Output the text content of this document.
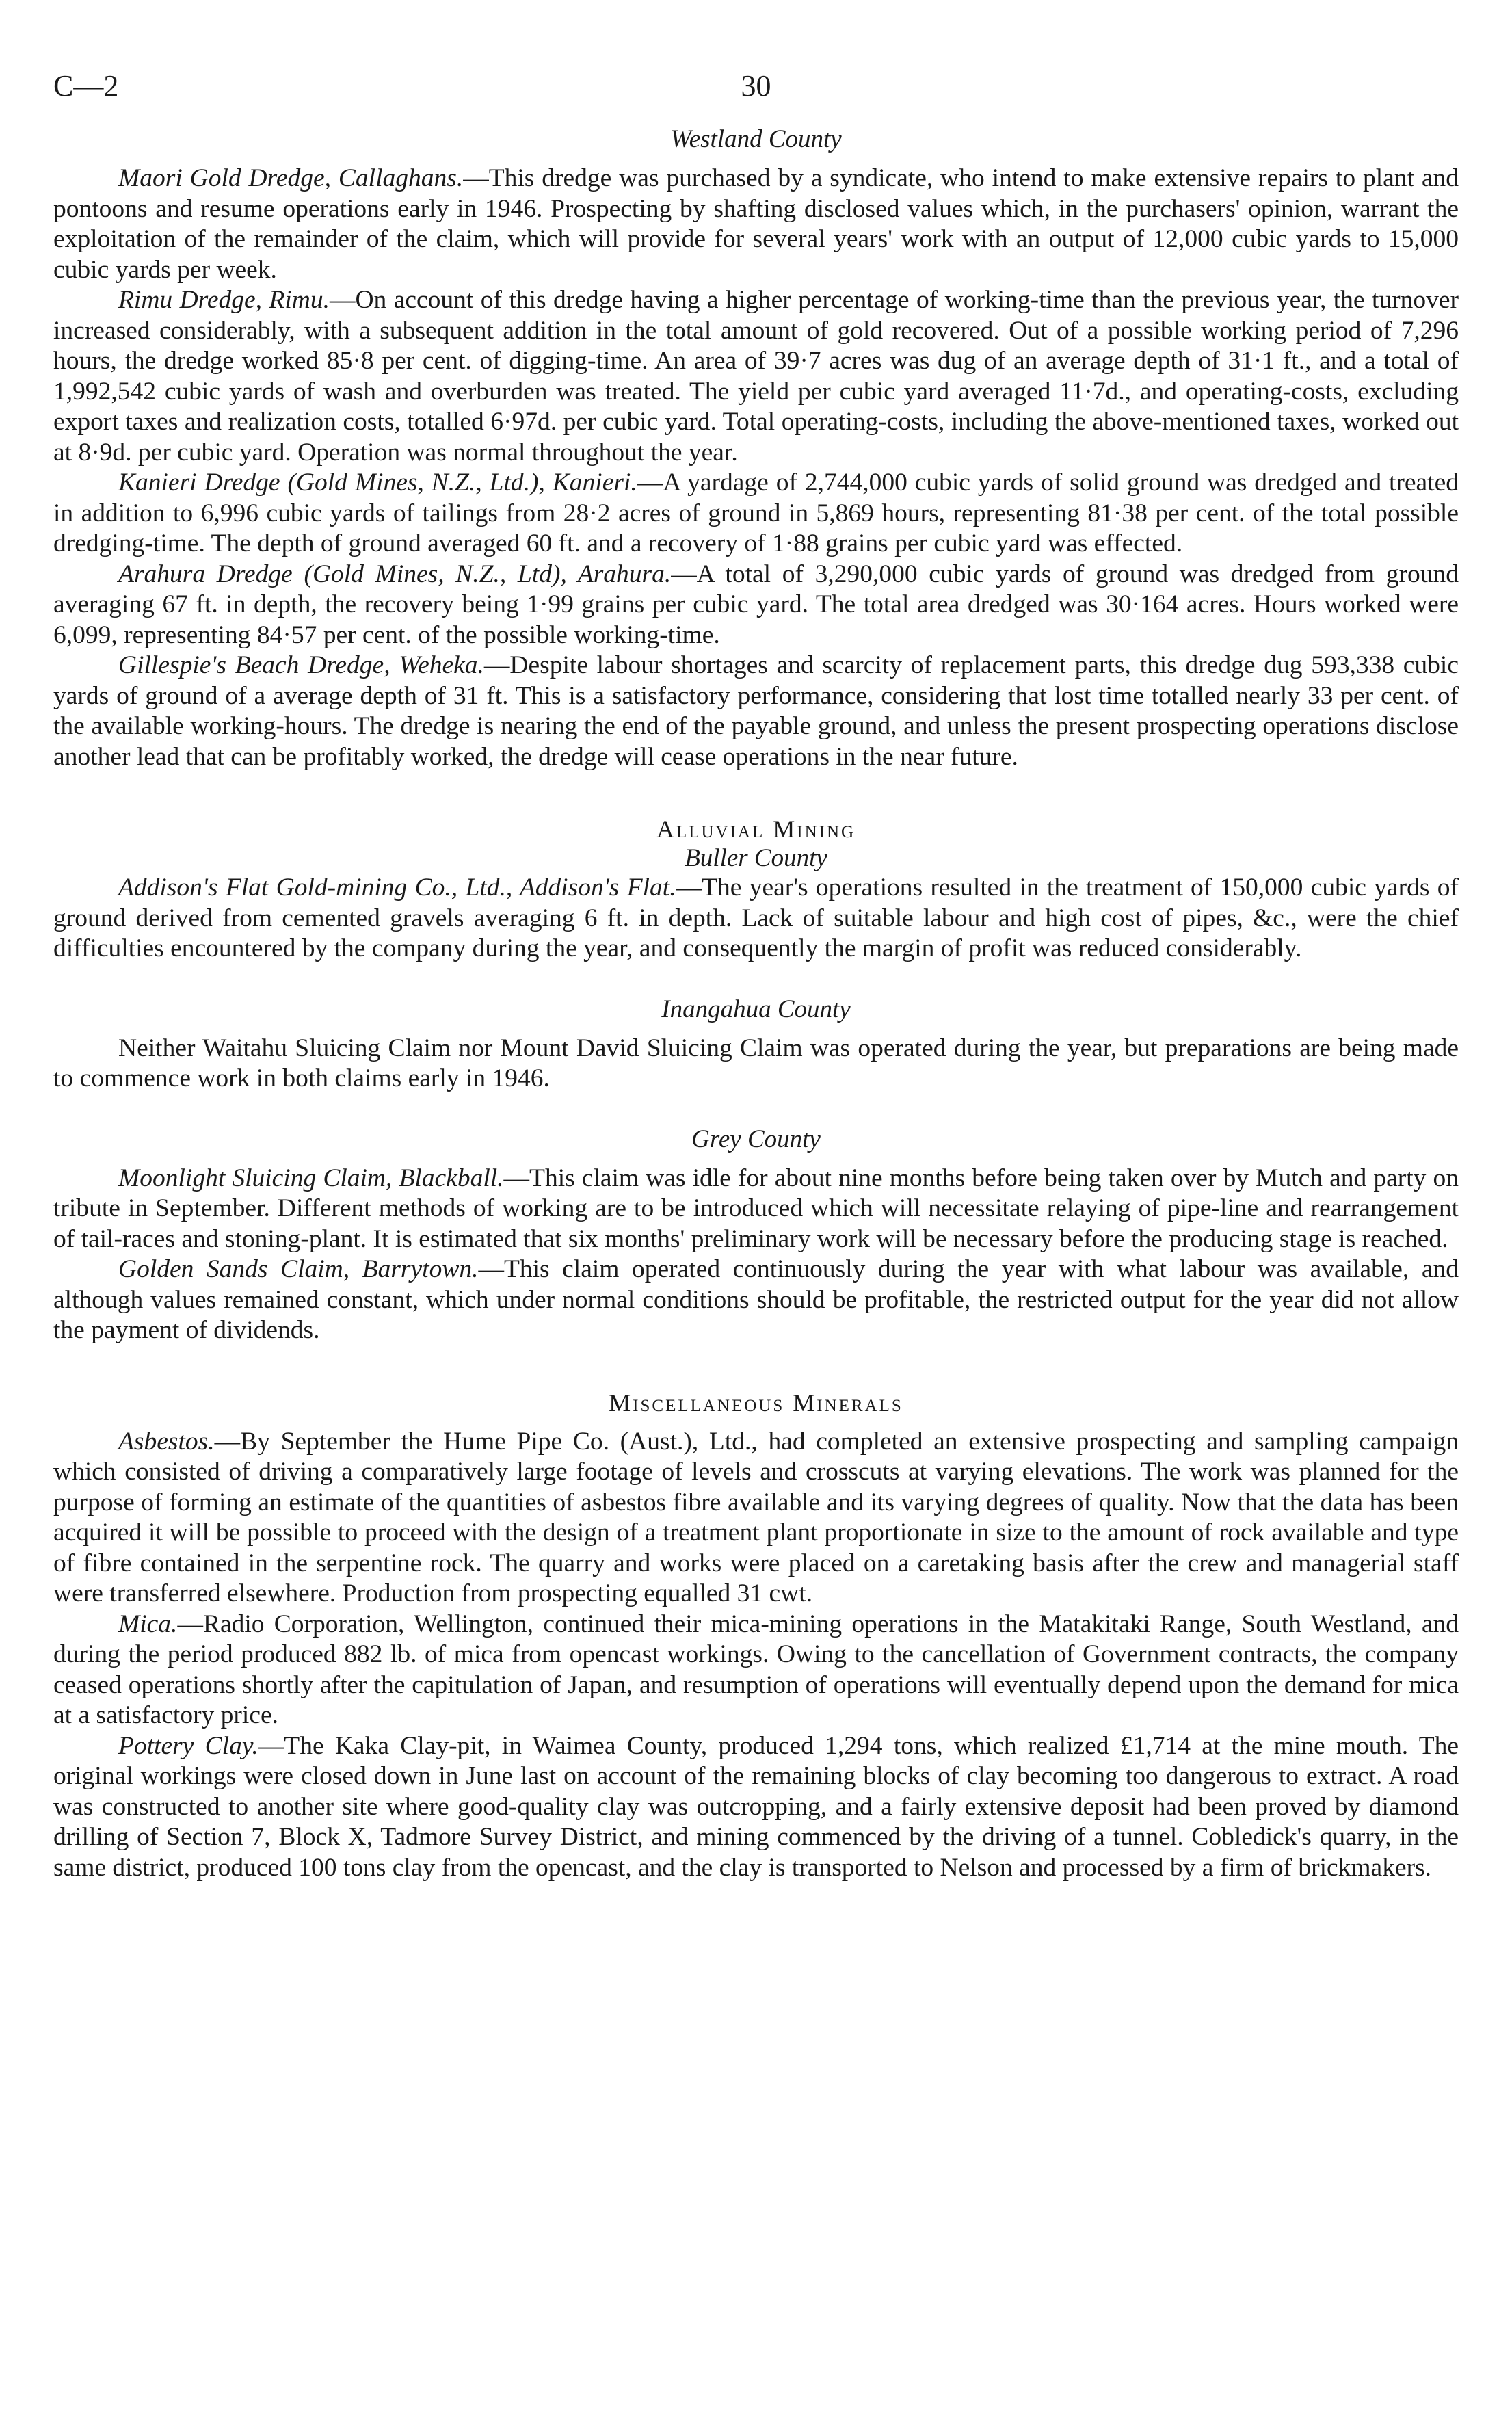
C—2	30
Westland County

Maori Gold Dredge, Callaghans.—This dredge was purchased by a syndicate, who intend to make extensive repairs to plant and pontoons and resume operations early in 1946. Prospecting by shafting disclosed values which, in the purchasers' opinion, warrant the exploitation of the remainder of the claim, which will provide for several years' work with an output of 12,000 cubic yards to 15,000 cubic yards per week.

Rimu Dredge, Rimu.—On account of this dredge having a higher percentage of working-time than the previous year, the turnover increased considerably, with a subsequent addition in the total amount of gold recovered. Out of a possible working period of 7,296 hours, the dredge worked 85·8 per cent. of digging-time. An area of 39·7 acres was dug of an average depth of 31·1 ft., and a total of 1,992,542 cubic yards of wash and overburden was treated. The yield per cubic yard averaged 11·7d., and operating-costs, excluding export taxes and realization costs, totalled 6·97d. per cubic yard. Total operating-costs, including the above-mentioned taxes, worked out at 8·9d. per cubic yard. Operation was normal throughout the year.

Kanieri Dredge (Gold Mines, N.Z., Ltd.), Kanieri.—A yardage of 2,744,000 cubic yards of solid ground was dredged and treated in addition to 6,996 cubic yards of tailings from 28·2 acres of ground in 5,869 hours, representing 81·38 per cent. of the total possible dredging-time. The depth of ground averaged 60 ft. and a recovery of 1·88 grains per cubic yard was effected.

Arahura Dredge (Gold Mines, N.Z., Ltd), Arahura.—A total of 3,290,000 cubic yards of ground was dredged from ground averaging 67 ft. in depth, the recovery being 1·99 grains per cubic yard. The total area dredged was 30·164 acres. Hours worked were 6,099, representing 84·57 per cent. of the possible working-time.

Gillespie's Beach Dredge, Weheka.—Despite labour shortages and scarcity of replacement parts, this dredge dug 593,338 cubic yards of ground of a average depth of 31 ft. This is a satisfactory performance, considering that lost time totalled nearly 33 per cent. of the available working-hours. The dredge is nearing the end of the payable ground, and unless the present prospecting operations disclose another lead that can be profitably worked, the dredge will cease operations in the near future.

Alluvial Mining
Buller County

Addison's Flat Gold-mining Co., Ltd., Addison's Flat.—The year's operations resulted in the treatment of 150,000 cubic yards of ground derived from cemented gravels averaging 6 ft. in depth. Lack of suitable labour and high cost of pipes, &c., were the chief difficulties encountered by the company during the year, and consequently the margin of profit was reduced considerably.

Inangahua County

Neither Waitahu Sluicing Claim nor Mount David Sluicing Claim was operated during the year, but preparations are being made to commence work in both claims early in 1946.

Grey County

Moonlight Sluicing Claim, Blackball.—This claim was idle for about nine months before being taken over by Mutch and party on tribute in September. Different methods of working are to be introduced which will necessitate relaying of pipe-line and rearrangement of tail-races and stoning-plant. It is estimated that six months' preliminary work will be necessary before the producing stage is reached.

Golden Sands Claim, Barrytown.—This claim operated continuously during the year with what labour was available, and although values remained constant, which under normal conditions should be profitable, the restricted output for the year did not allow the payment of dividends.

Miscellaneous Minerals

Asbestos.—By September the Hume Pipe Co. (Aust.), Ltd., had completed an extensive prospecting and sampling campaign which consisted of driving a comparatively large footage of levels and crosscuts at varying elevations. The work was planned for the purpose of forming an estimate of the quantities of asbestos fibre available and its varying degrees of quality. Now that the data has been acquired it will be possible to proceed with the design of a treatment plant proportionate in size to the amount of rock available and type of fibre contained in the serpentine rock. The quarry and works were placed on a caretaking basis after the crew and managerial staff were transferred elsewhere. Production from prospecting equalled 31 cwt.

Mica.—Radio Corporation, Wellington, continued their mica-mining operations in the Matakitaki Range, South Westland, and during the period produced 882 lb. of mica from opencast workings. Owing to the cancellation of Government contracts, the company ceased operations shortly after the capitulation of Japan, and resumption of operations will eventually depend upon the demand for mica at a satisfactory price.

Pottery Clay.—The Kaka Clay-pit, in Waimea County, produced 1,294 tons, which realized £1,714 at the mine mouth. The original workings were closed down in June last on account of the remaining blocks of clay becoming too dangerous to extract. A road was constructed to another site where good-quality clay was outcropping, and a fairly extensive deposit had been proved by diamond drilling of Section 7, Block X, Tadmore Survey District, and mining commenced by the driving of a tunnel. Cobledick's quarry, in the same district, produced 100 tons clay from the opencast, and the clay is transported to Nelson and processed by a firm of brickmakers.
